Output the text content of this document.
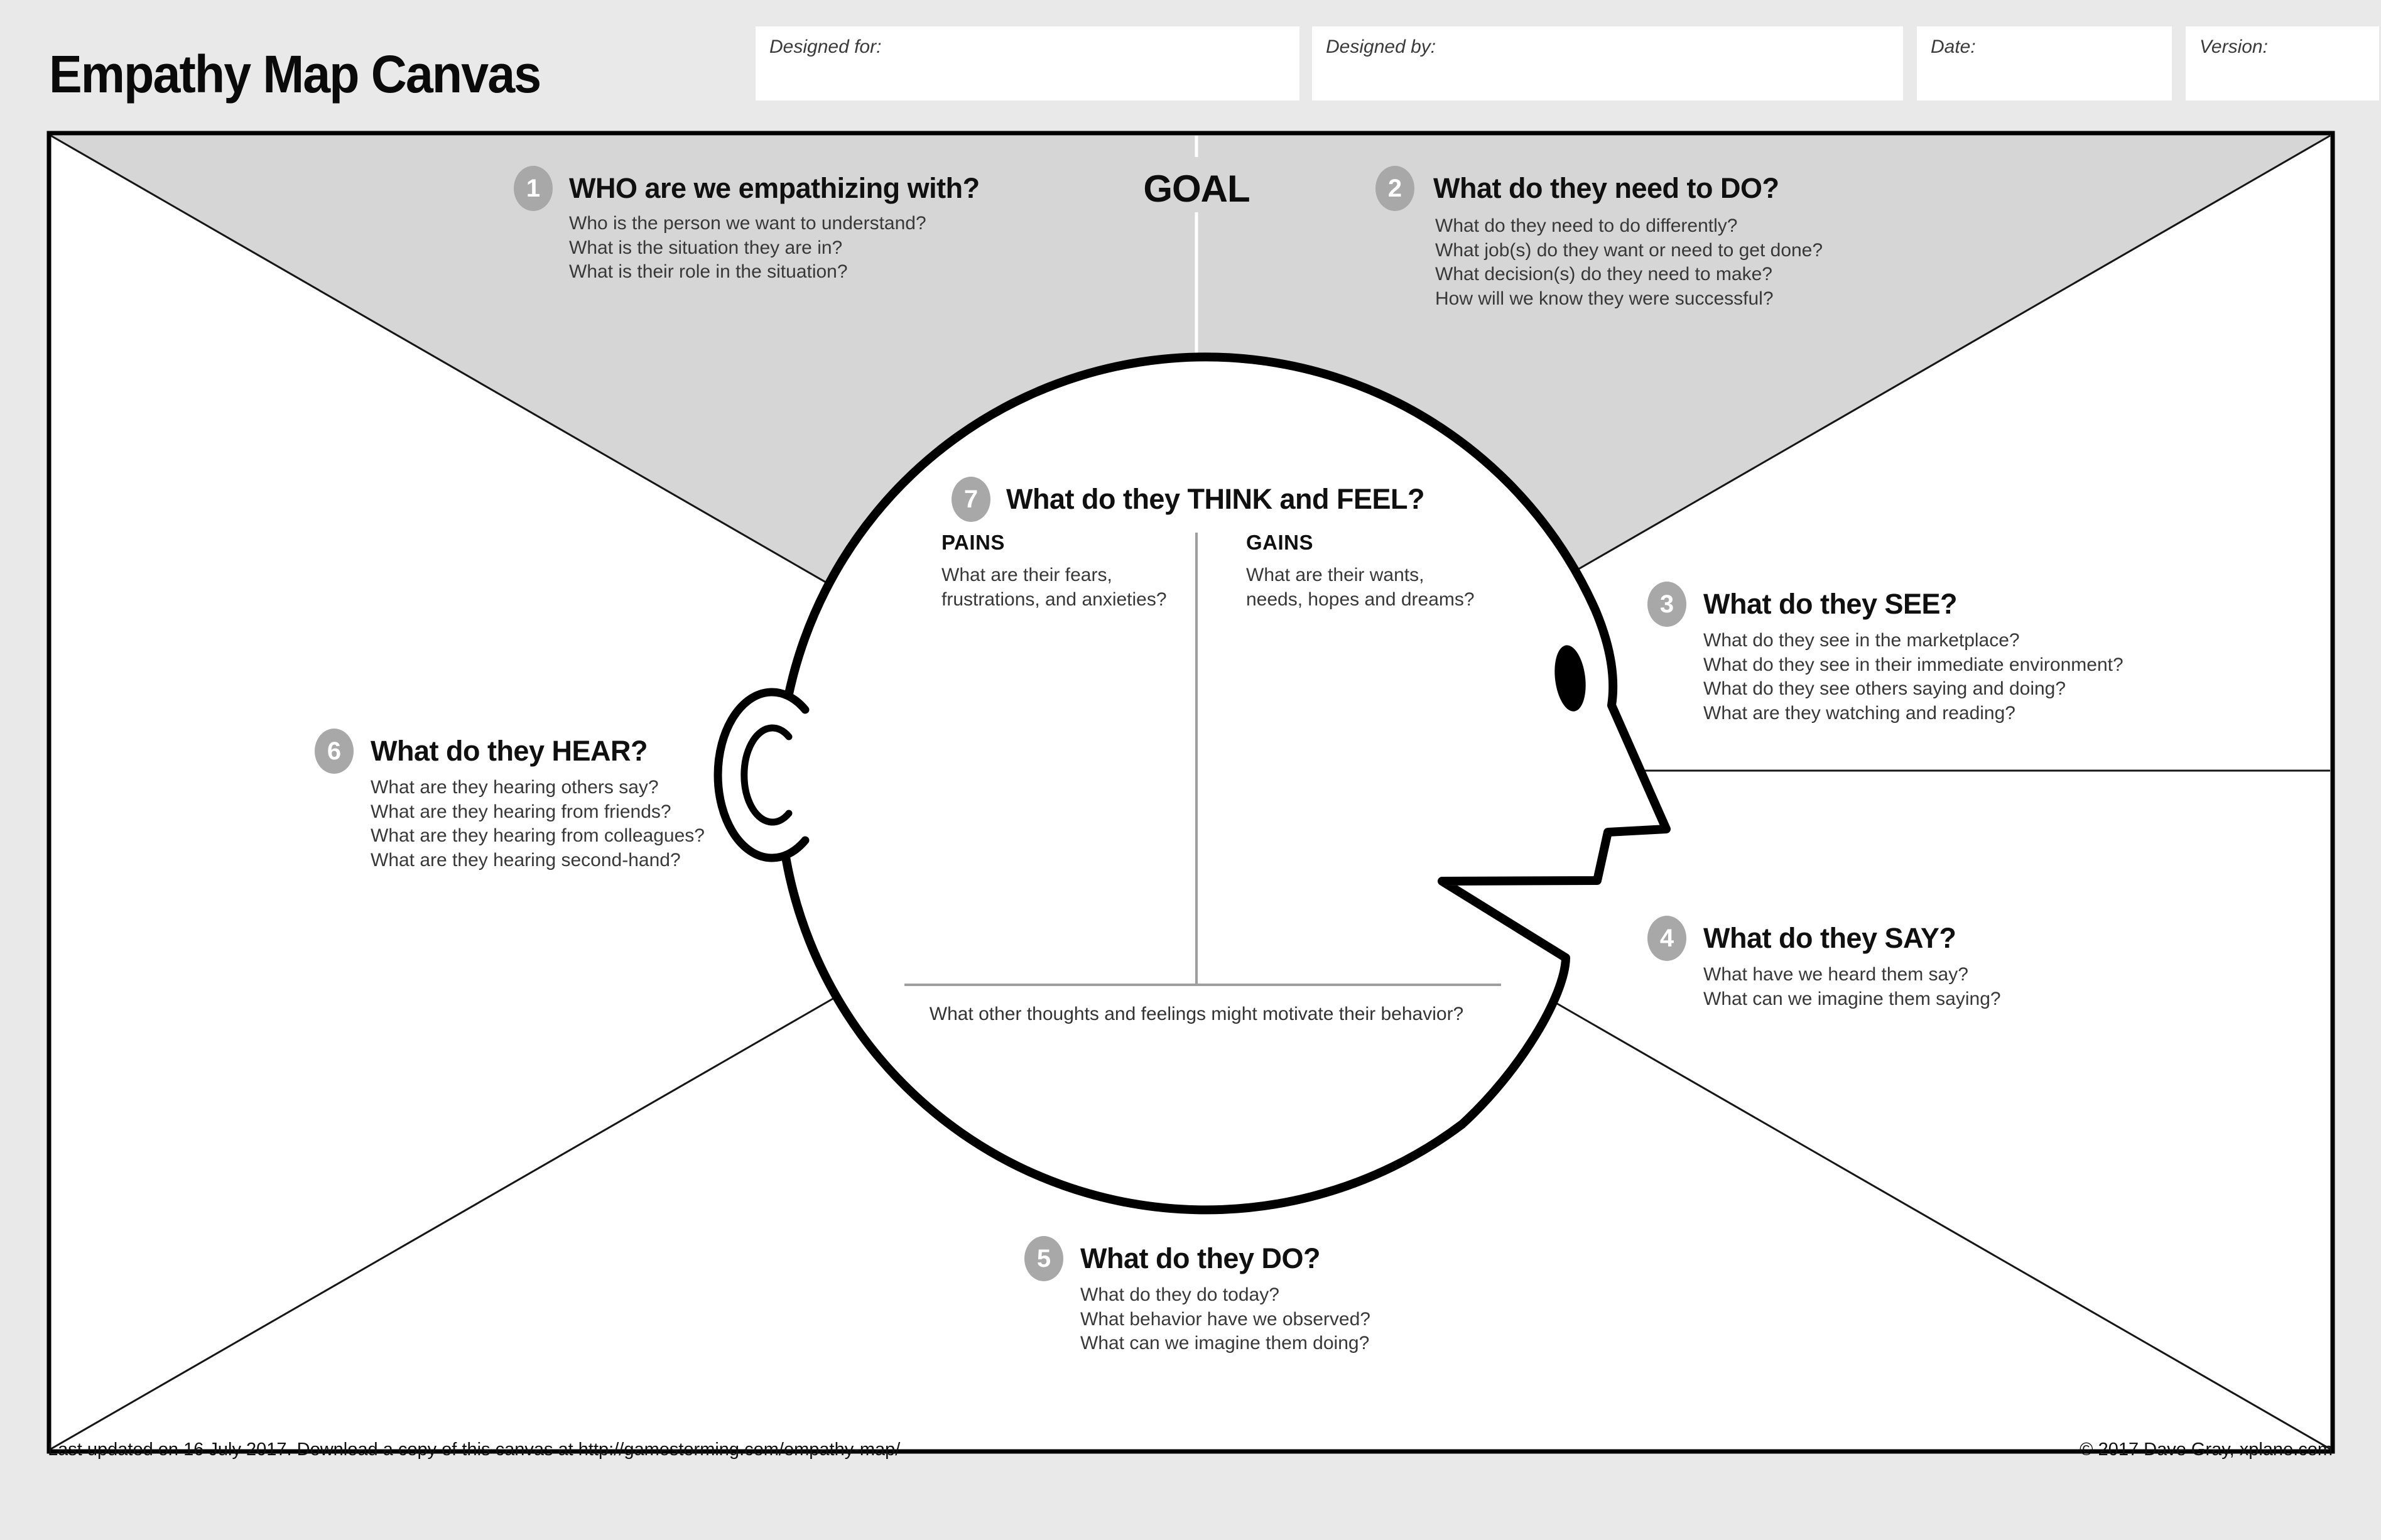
Empathy Map Canvas	Designed for:	Designed by:	Date:	Version:
GOAL
1	WHO are we empathizing with?
Who is the person we want to understand?
What is the situation they are in?
What is their role in the situation?
2	What do they need to DO?
What do they need to do differently?
What job(s) do they want or need to get done?
What decision(s) do they need to make?
How will we know they were successful?
7 What do they THINK and FEEL?
PAINS
What are their fears,
frustrations, and anxieties?
GAINS
What are their wants,
needs, hopes and dreams?
What other thoughts and feelings might motivate their behavior?
3	What do they SEE?
What do they see in the marketplace?
What do they see in their immediate environment?
What do they see others saying and doing?
What are they watching and reading?
6	What do they HEAR?
What are they hearing others say?
What are they hearing from friends?
What are they hearing from colleagues?
What are they hearing second-hand?
4	What do they SAY?
What have we heard them say?
What can we imagine them saying?
5	What do they DO?
What do they do today?
What behavior have we observed?
What can we imagine them doing?
Last updated on 16 July 2017. Download a copy of this canvas at http://gamestorming.com/empathy-map/	© 2017 Dave Gray, xplane.com
